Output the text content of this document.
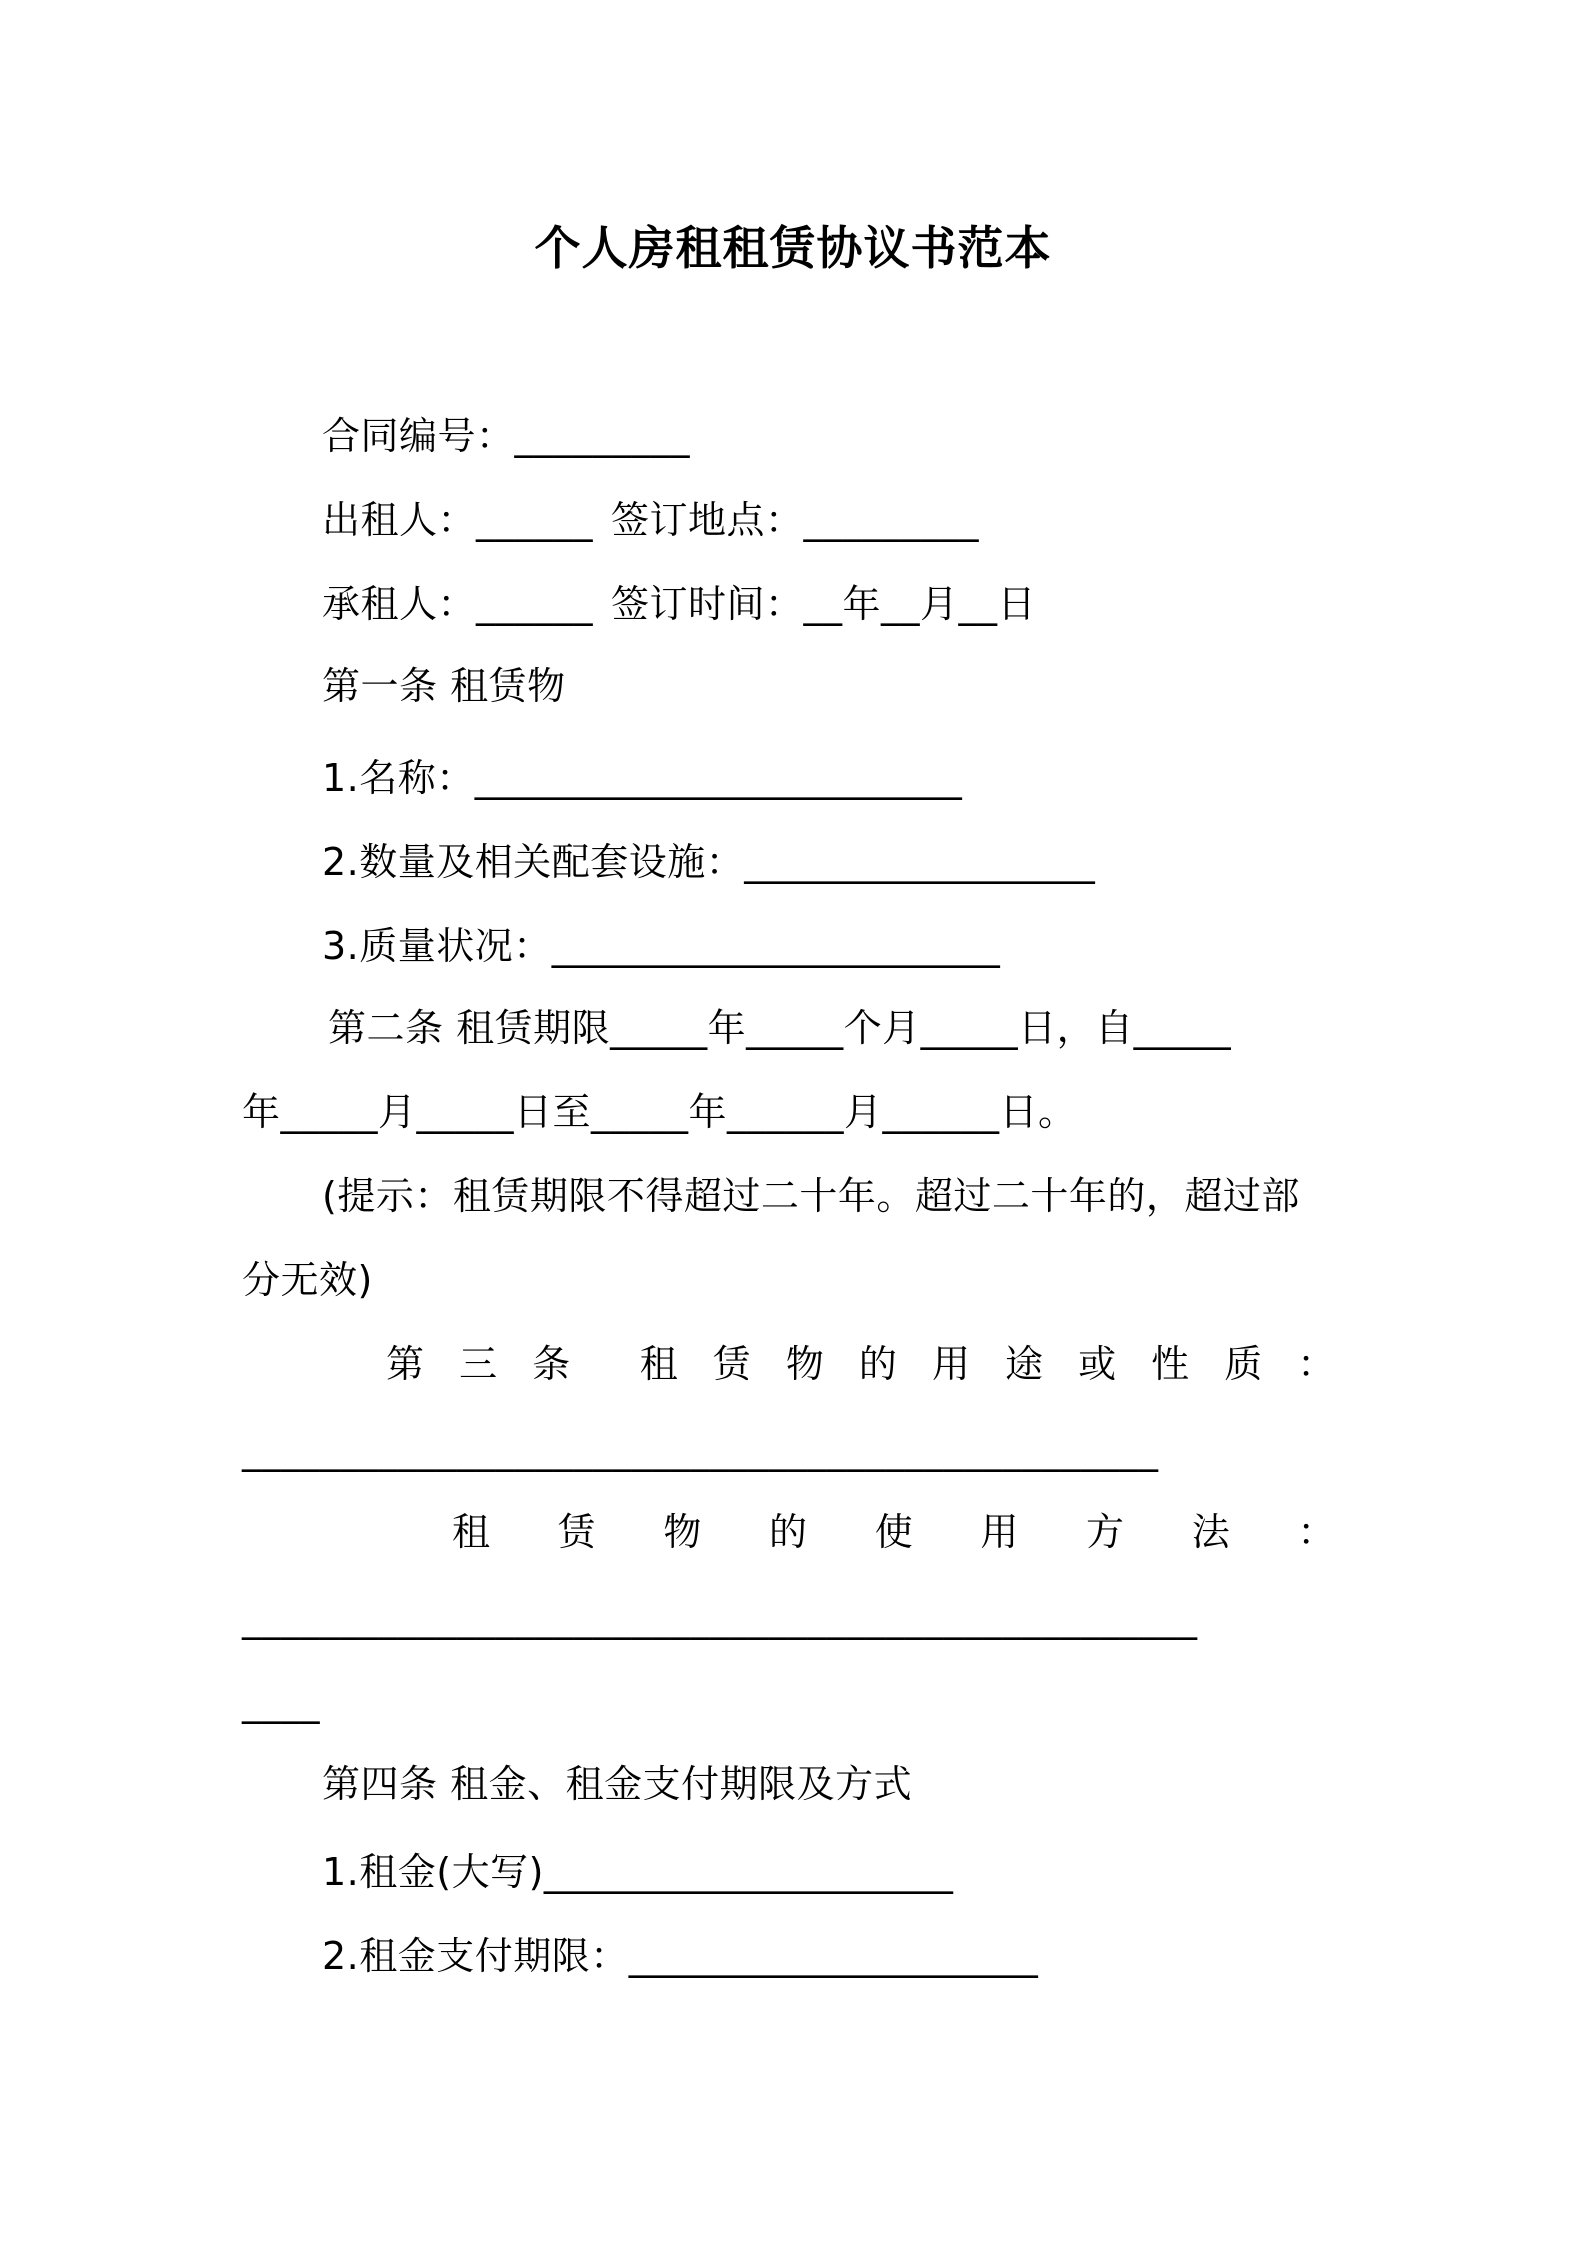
个人房租租赁协议书范本
合同编号：_________
出租人：______ 签订地点：_________
承租人：______ 签订时间：__年__月__日
第一条 租赁物
1.名称：_________________________
2.数量及相关配套设施：__________________
3.质量状况：_______________________
第二条 租赁期限_____年_____个月_____日，自_____
年_____月_____日至_____年______月______日。
(提示：租赁期限不得超过二十年。超过二十年的，超过部
分无效)
第 三 条 租 赁 物 的 用 途 或 性 质 ：
_______________________________________________
租 赁 物 的 使 用 方 法 ：
_________________________________________________
____
第四条 租金、租金支付期限及方式
1.租金(大写)_____________________
2.租金支付期限：_____________________
